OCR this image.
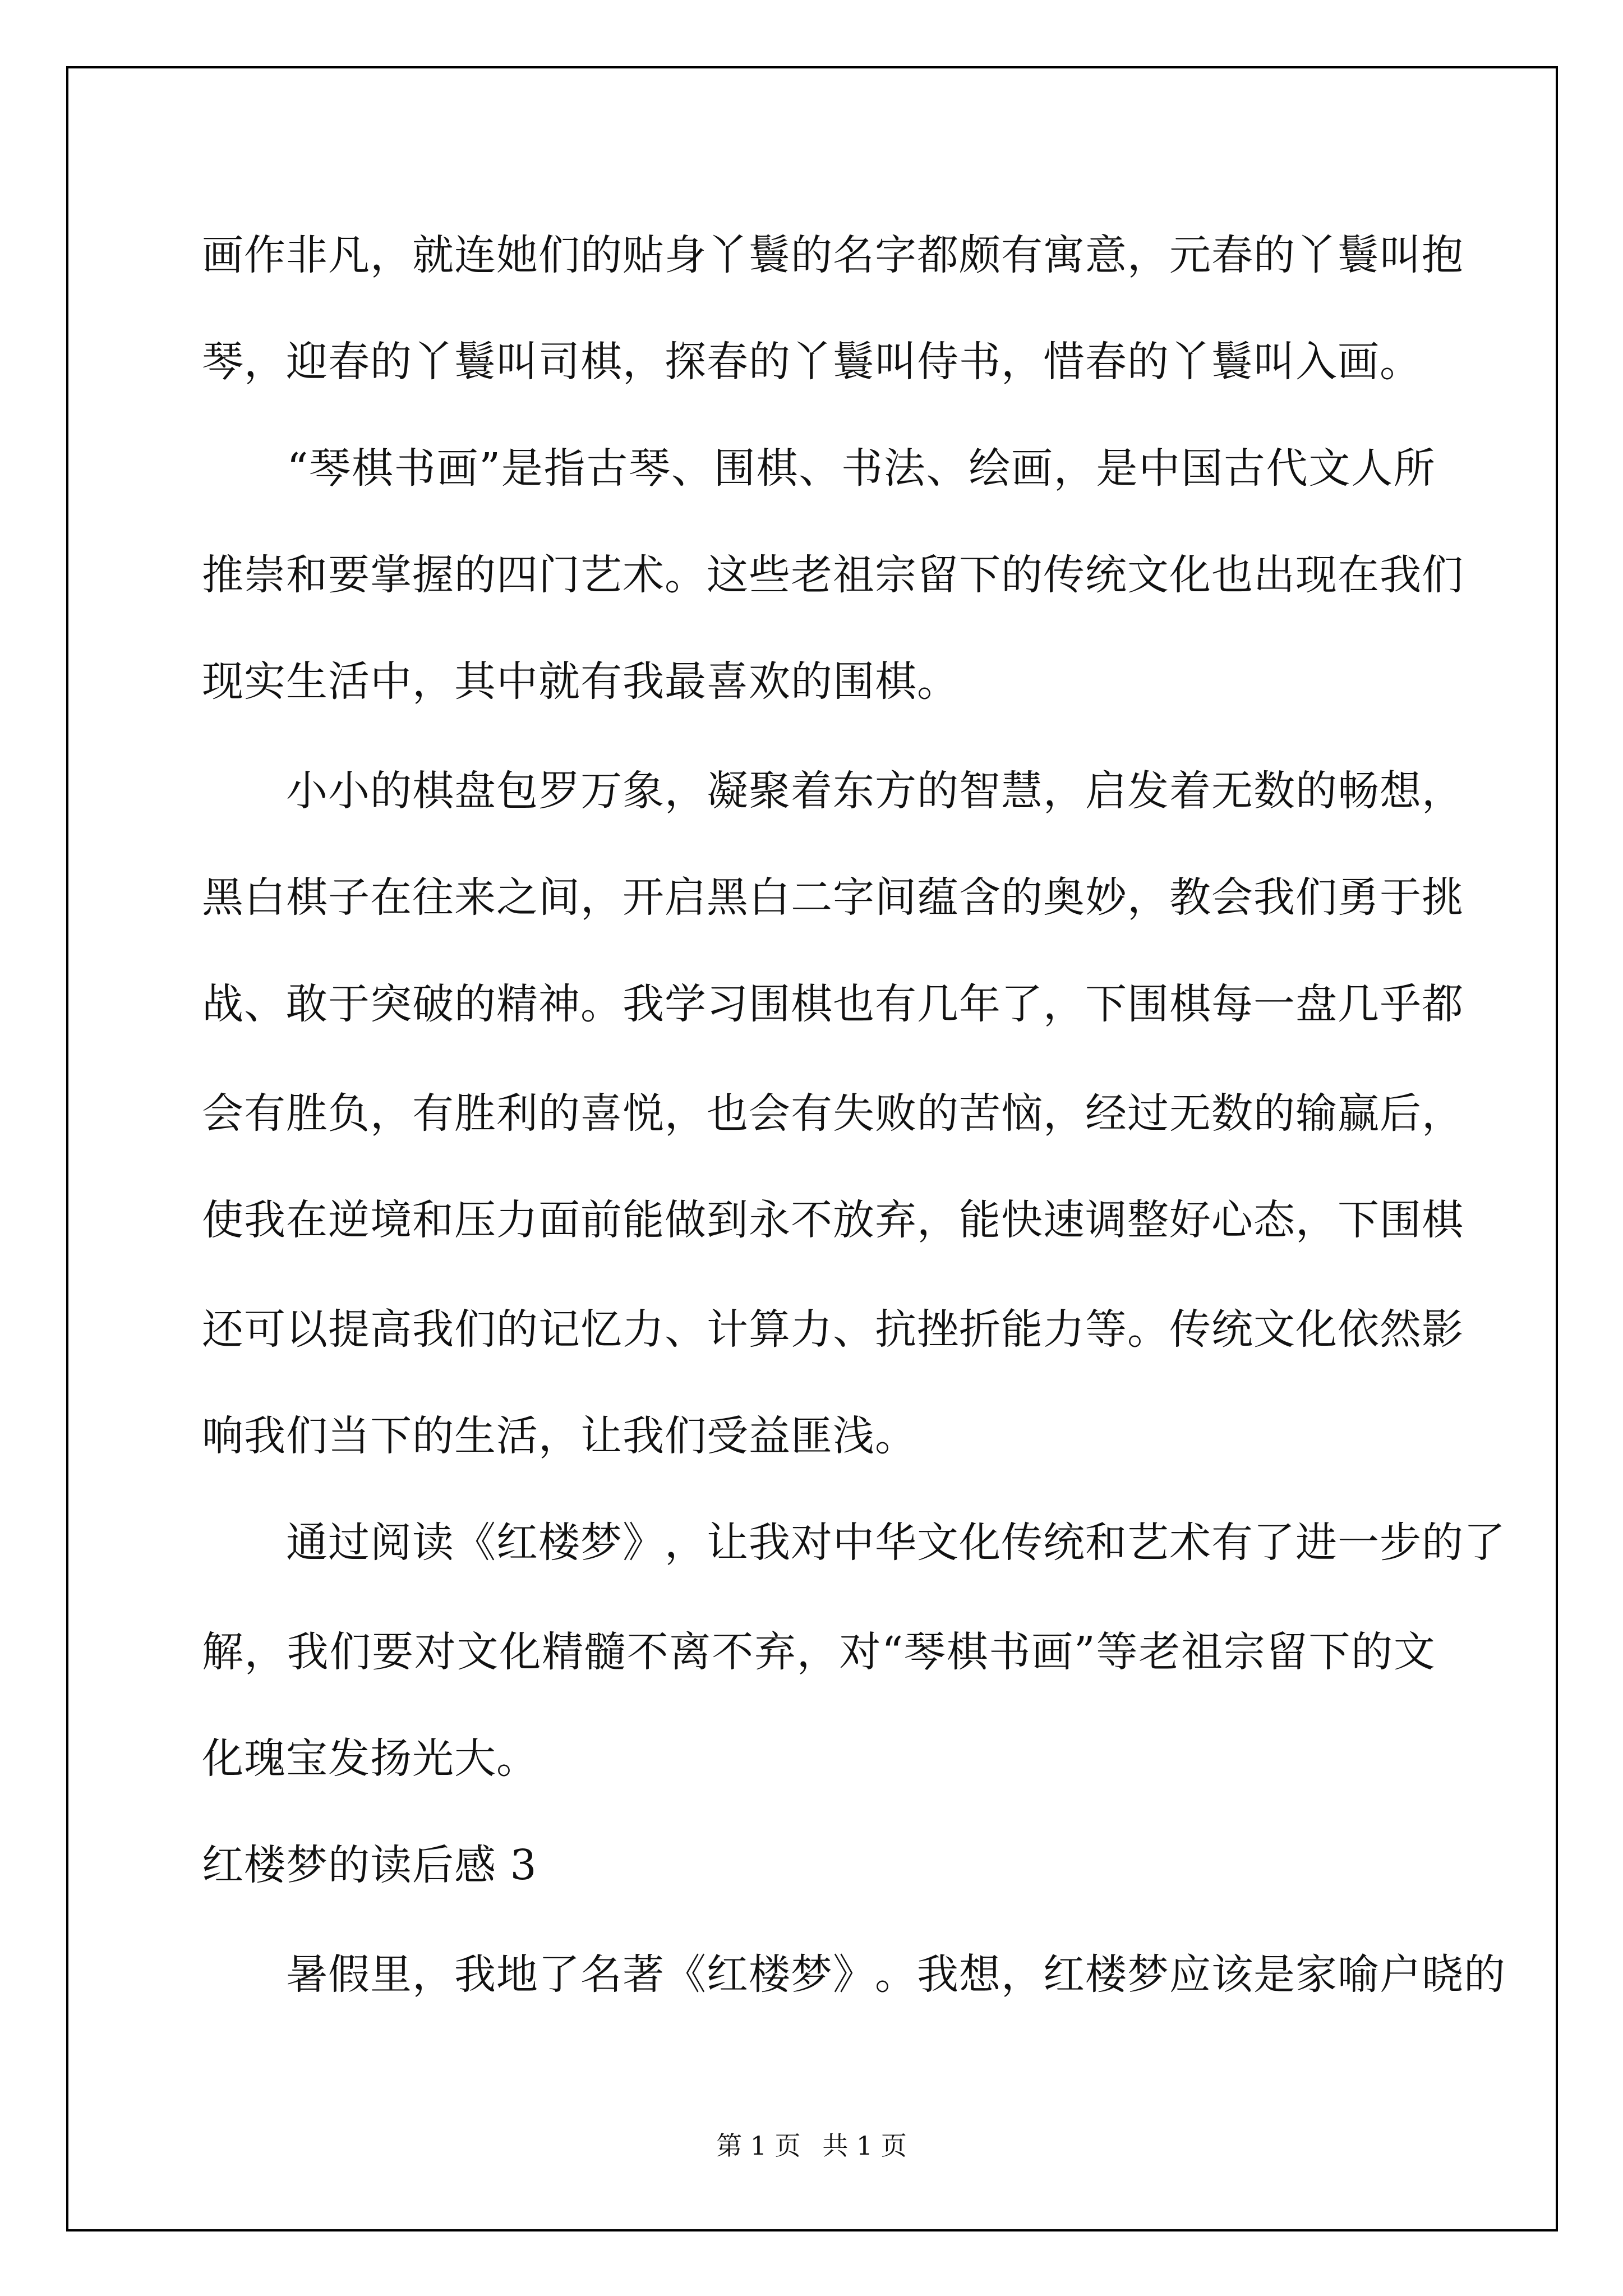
画 作 非 凡 ， 就 连 她 们 的 贴 身 丫 鬟 的 名 字 都 颇 有 寓 意 ， 元 春 的 丫 鬟 叫 抱
琴，迎春的丫鬟叫司棋，探春的丫鬟叫侍书，惜春的丫鬟叫入画。

“ 琴 棋 书 画 ” 是 指 古 琴 、 围 棋 、 书 法 、 绘 画 ， 是 中 国 古 代 文 人 所
推 崇 和 要 掌 握 的 四 门 艺 术 。 这 些 老 祖 宗 留 下 的 传 统 文 化 也 出 现 在 我 们
现实生活中，其中就有我最喜欢的围棋。

小 小 的 棋 盘 包 罗 万 象 ， 凝 聚 着 东 方 的 智 慧 ， 启 发 着 无 数 的 畅 想 ，
黑 白 棋 子 在 往 来 之 间 ， 开 启 黑 白 二 字 间 蕴 含 的 奥 妙 ， 教 会 我 们 勇 于 挑
战 、 敢 于 突 破 的 精 神 。 我 学 习 围 棋 也 有 几 年 了 ， 下 围 棋 每 一 盘 几 乎 都
会 有 胜 负 ， 有 胜 利 的 喜 悦 ， 也 会 有 失 败 的 苦 恼 ， 经 过 无 数 的 输 赢 后 ，
使 我 在 逆 境 和 压 力 面 前 能 做 到 永 不 放 弃 ， 能 快 速 调 整 好 心 态 ， 下 围 棋
还 可 以 提 高 我 们 的 记 忆 力 、 计 算 力 、 抗 挫 折 能 力 等 。 传 统 文 化 依 然 影
响我们当下的生活，让我们受益匪浅。

通 过 阅 读 《 红 楼 梦 》 ， 让 我 对 中 华 文 化 传 统 和 艺 术 有 了 进 一 步 的 了
解 ， 我 们 要 对 文 化 精 髓 不 离 不 弃 ， 对 “ 琴 棋 书 画 ” 等 老 祖 宗 留 下 的 文
化瑰宝发扬光大。
红楼梦的读后感 3

暑 假 里 ， 我 地 了 名 著 《 红 楼 梦 》 。 我 想 ， 红 楼 梦 应 该 是 家 喻 户 晓 的
第 1 页 共 1 页
